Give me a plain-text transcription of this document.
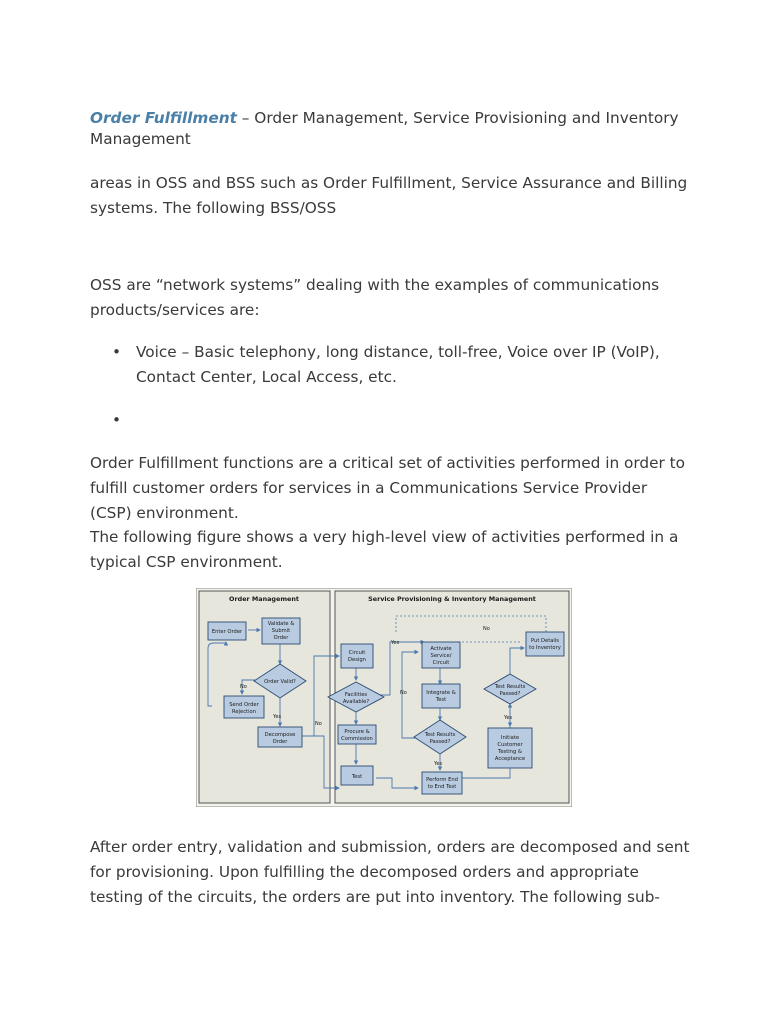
Order Fulfillment – Order Management, Service Provisioning and Inventory Management

areas in OSS and BSS such as Order Fulfillment, Service Assurance and Billing systems. The following BSS/OSS

OSS are “network systems” dealing with the examples of communications products/services are:

• Voice – Basic telephony, long distance, toll-free, Voice over IP (VoIP), Contact Center, Local Access, etc.
•

Order Fulfillment functions are a critical set of activities performed in order to fulfill customer orders for services in a Communications Service Provider (CSP) environment.

The following figure shows a very high-level view of activities performed in a typical CSP environment.

After order entry, validation and submission, orders are decomposed and sent for provisioning. Upon fulfilling the decomposed orders and appropriate testing of the circuits, the orders are put into inventory. The following sub-

Order Management	Service Provisioning & Inventory Management
Enter Order
Validate &
Submit
Order
Order Valid?
Send Order
Rejection
Decompose
Order
Circuit
Design
Facilities
Available?
Procure &
Commission
Test
Activate
Service/
Circuit
Integrate &
Test
Test Results
Passed?
Perform End
to End Test
Test Results
Passed?
Put Details
to Inventory
Initiate
Customer
Testing &
Acceptance
No
Yes
No
Yes
No
Yes
Yes
No
